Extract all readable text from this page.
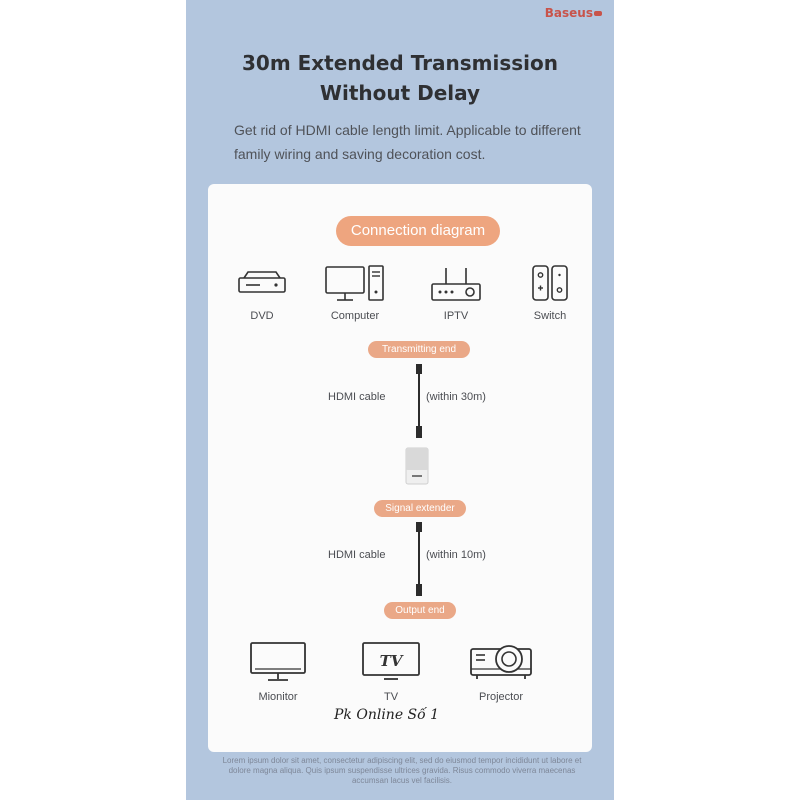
Baseus
30m Extended Transmission
Without Delay
Get rid of HDMI cable length limit. Applicable to different family wiring and saving decoration cost.
Connection diagram
DVD	Computer	IPTV	Switch
Transmitting end
Signal extender
Output end
HDMI cable	(within 30m)
HDMI cable	(within 10m)
Mionitor
TV
TV	Projector
Pk Online Số 1
Lorem ipsum dolor sit amet, consectetur adipiscing elit, sed do eiusmod tempor incididunt ut labore et dolore magna aliqua. Quis ipsum suspendisse ultrices gravida. Risus commodo viverra maecenas accumsan lacus vel facilisis.
